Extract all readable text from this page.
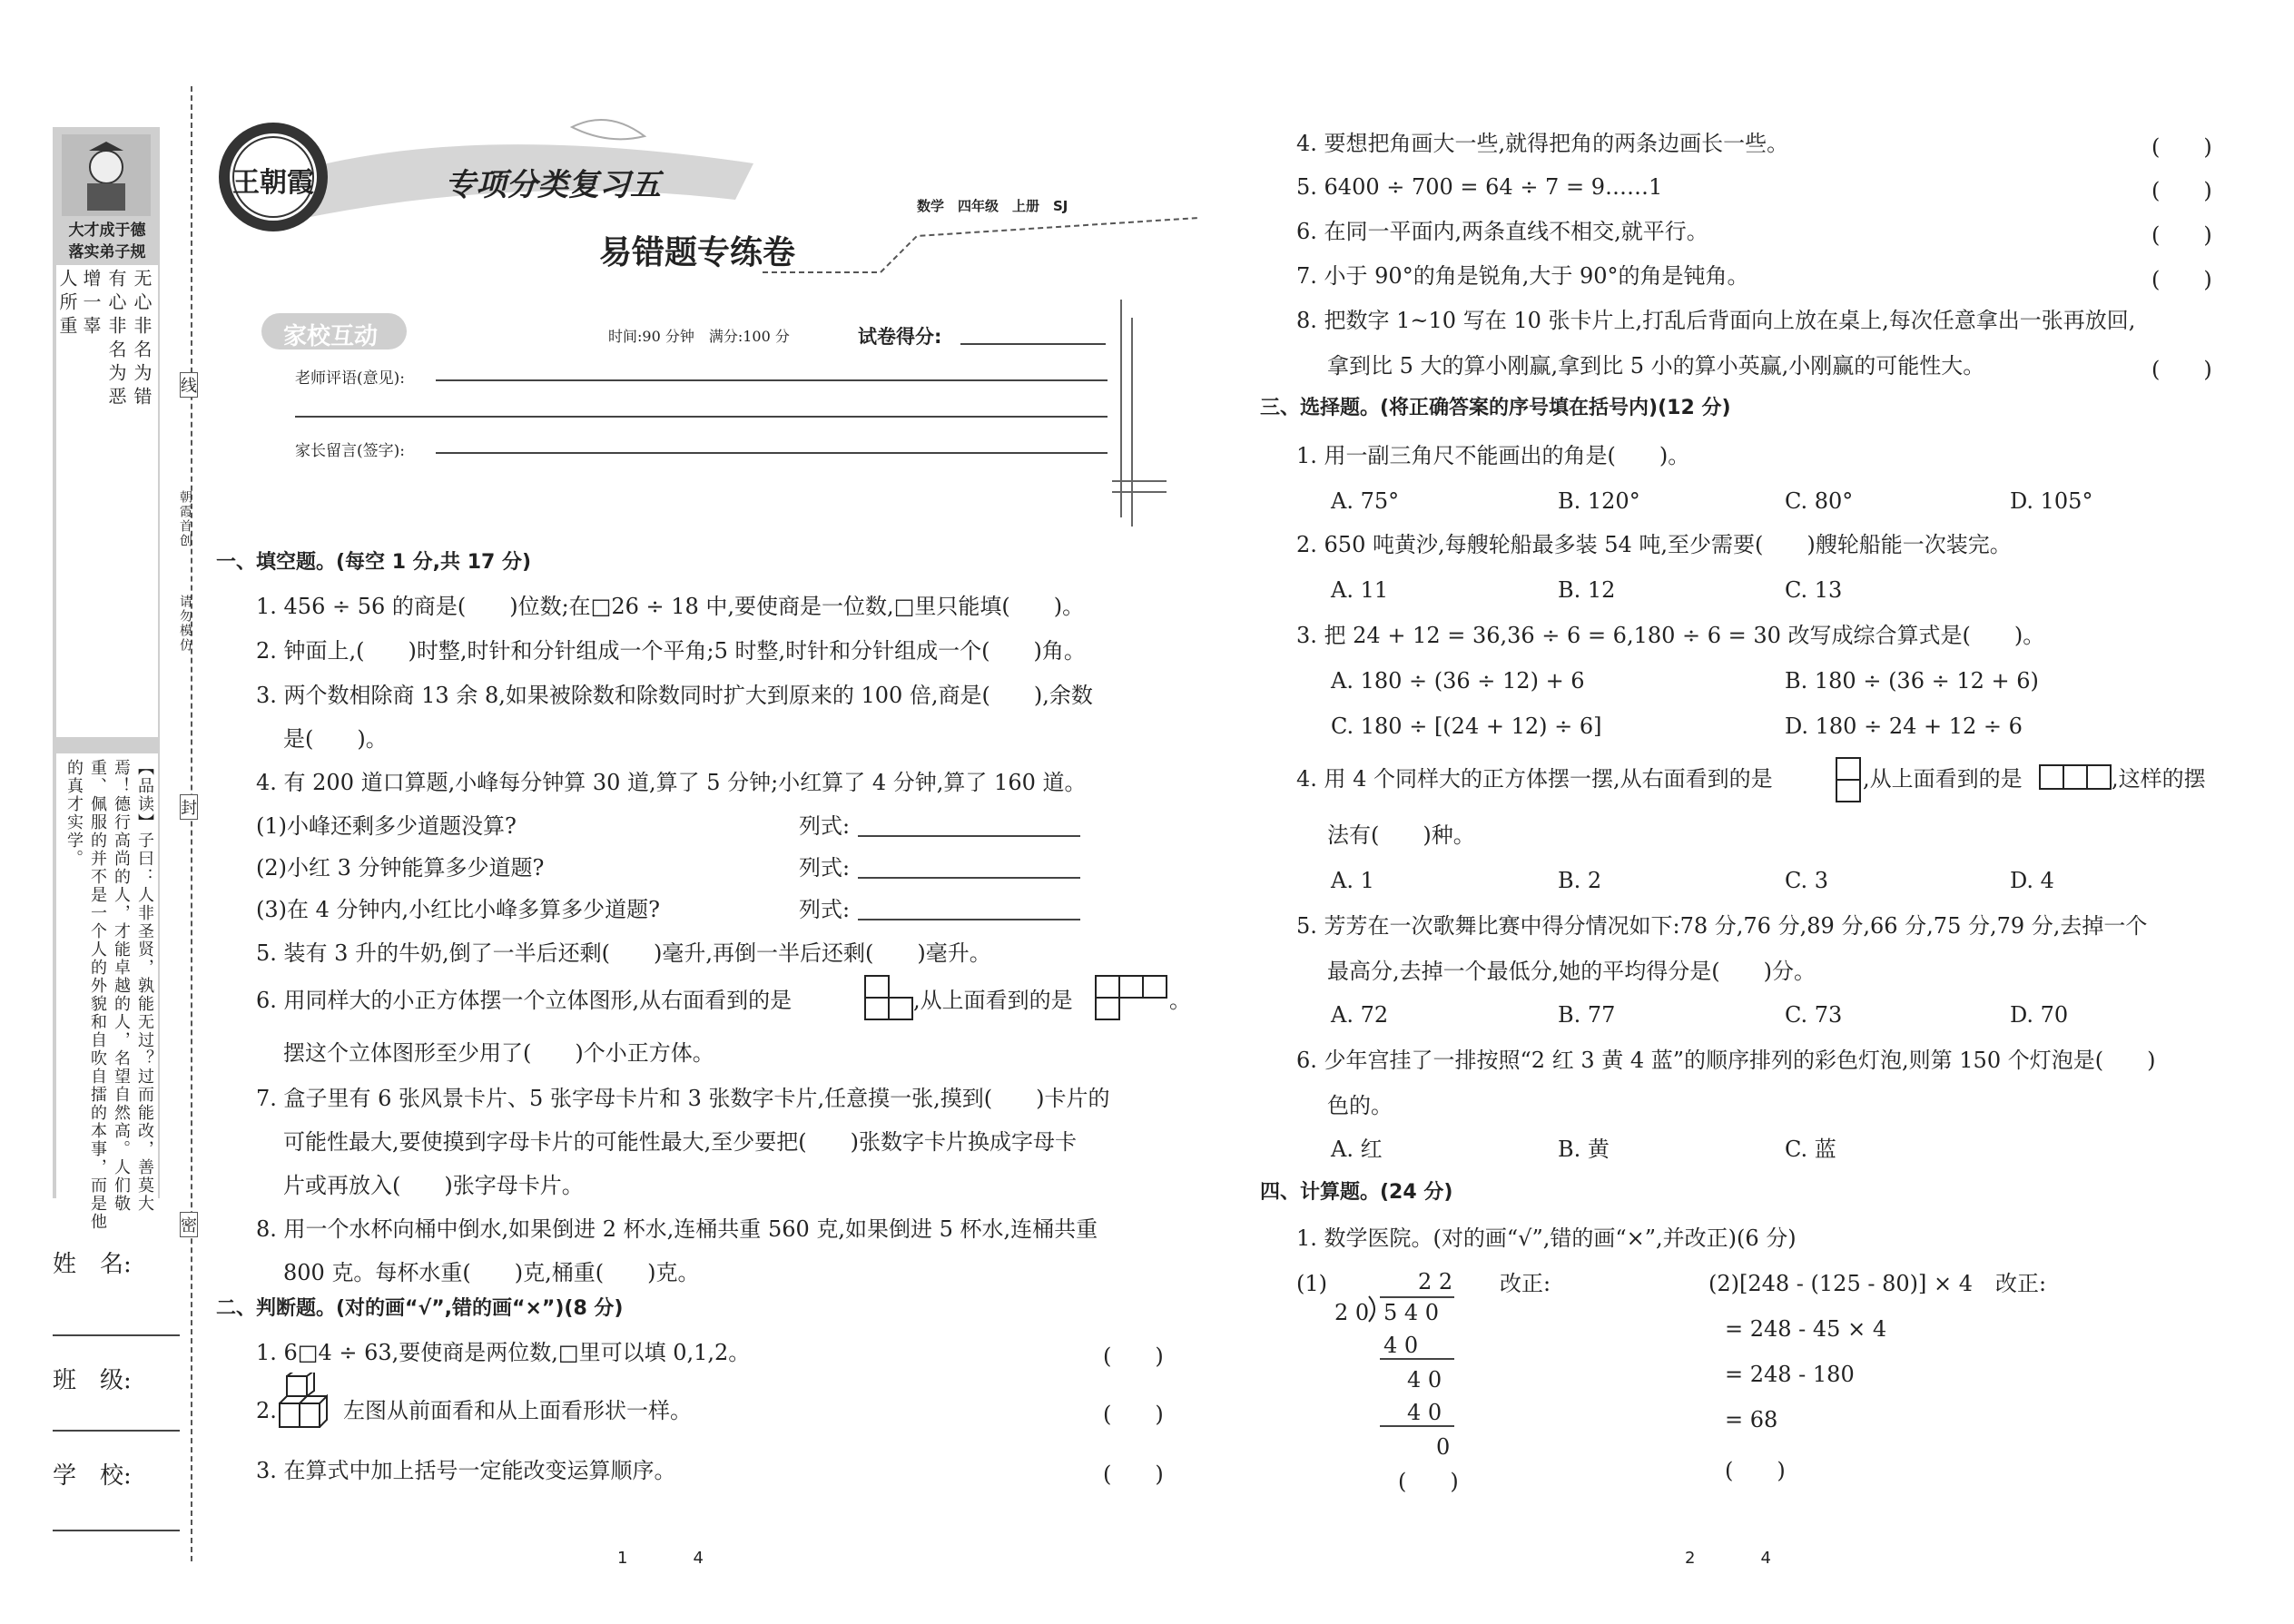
大才成于德
落实弟子规
无心非名为错
有心非名为恶
增一辜
人所重
【品读】子曰：人非圣贤，孰能无过？过而能改，善莫大焉！德行高尚的人，才能卓越的人，名望自然高。人们敬重、佩服的并不是一个人的外貌和自吹自擂的本事，而是他的真才实学。
姓　名:
班　级:
学　校:
线
封
密
朝霞首创
请勿模仿
王朝霞	专项分类复习五
数学　四年级　上册　SJ
易错题专练卷
家校互动	时间:90 分钟　满分:100 分	试卷得分:
老师评语(意见):
家长留言(签字):
一、填空题。(每空 1 分,共 17 分)
1. 456 ÷ 56 的商是(　　)位数;在□26 ÷ 18 中,要使商是一位数,□里只能填(　　)。
2. 钟面上,(　　)时整,时针和分针组成一个平角;5 时整,时针和分针组成一个(　　)角。
3. 两个数相除商 13 余 8,如果被除数和除数同时扩大到原来的 100 倍,商是(　　),余数
是(　　)。
4. 有 200 道口算题,小峰每分钟算 30 道,算了 5 分钟;小红算了 4 分钟,算了 160 道。
(1)小峰还剩多少道题没算?	列式:
(2)小红 3 分钟能算多少道题?	列式:
(3)在 4 分钟内,小红比小峰多算多少道题?	列式:
5. 装有 3 升的牛奶,倒了一半后还剩(　　)毫升,再倒一半后还剩(　　)毫升。
6. 用同样大的小正方体摆一个立体图形,从右面看到的是	,从上面看到的是	。
摆这个立体图形至少用了(　　)个小正方体。
7. 盒子里有 6 张风景卡片、5 张字母卡片和 3 张数字卡片,任意摸一张,摸到(　　)卡片的
可能性最大,要使摸到字母卡片的可能性最大,至少要把(　　)张数字卡片换成字母卡
片或再放入(　　)张字母卡片。
8. 用一个水杯向桶中倒水,如果倒进 2 杯水,连桶共重 560 克,如果倒进 5 杯水,连桶共重
800 克。每杯水重(　　)克,桶重(　　)克。
二、判断题。(对的画“√”,错的画“×”)(8 分)
1. 6□4 ÷ 63,要使商是两位数,□里可以填 0,1,2。	(　　)
2.	左图从前面看和从上面看形状一样。	(　　)
3. 在算式中加上括号一定能改变运算顺序。	(　　)
1　　　　4
4. 要想把角画大一些,就得把角的两条边画长一些。	(　　)
5. 6400 ÷ 700 = 64 ÷ 7 = 9……1	(　　)
6. 在同一平面内,两条直线不相交,就平行。	(　　)
7. 小于 90°的角是锐角,大于 90°的角是钝角。	(　　)
8. 把数字 1~10 写在 10 张卡片上,打乱后背面向上放在桌上,每次任意拿出一张再放回,
拿到比 5 大的算小刚赢,拿到比 5 小的算小英赢,小刚赢的可能性大。	(　　)
三、选择题。(将正确答案的序号填在括号内)(12 分)
1. 用一副三角尺不能画出的角是(　　)。
A. 75°	B. 120°	C. 80°	D. 105°
2. 650 吨黄沙,每艘轮船最多装 54 吨,至少需要(　　)艘轮船能一次装完。
A. 11	B. 12	C. 13
3. 把 24 + 12 = 36,36 ÷ 6 = 6,180 ÷ 6 = 30 改写成综合算式是(　　)。
A. 180 ÷ (36 ÷ 12) + 6	B. 180 ÷ (36 ÷ 12 + 6)
C. 180 ÷ [(24 + 12) ÷ 6]	D. 180 ÷ 24 + 12 ÷ 6
4. 用 4 个同样大的正方体摆一摆,从右面看到的是	,从上面看到的是	,这样的摆
法有(　　)种。
A. 1	B. 2	C. 3	D. 4
5. 芳芳在一次歌舞比赛中得分情况如下:78 分,76 分,89 分,66 分,75 分,79 分,去掉一个
最高分,去掉一个最低分,她的平均得分是(　　)分。
A. 72	B. 77	C. 73	D. 70
6. 少年宫挂了一排按照“2 红 3 黄 4 蓝”的顺序排列的彩色灯泡,则第 150 个灯泡是(　　)
色的。
A. 红	B. 黄	C. 蓝
四、计算题。(24 分)
1. 数学医院。(对的画“√”,错的画“×”,并改正)(6 分)
(1)	2 2
2 0 5 4 0
4 0
4 0
4 0
0
(　　)
改正:	(2)[248 - (125 - 80)] × 4 改正:
= 248 - 45 × 4
= 248 - 180
= 68
(　　)
2　　　　4
